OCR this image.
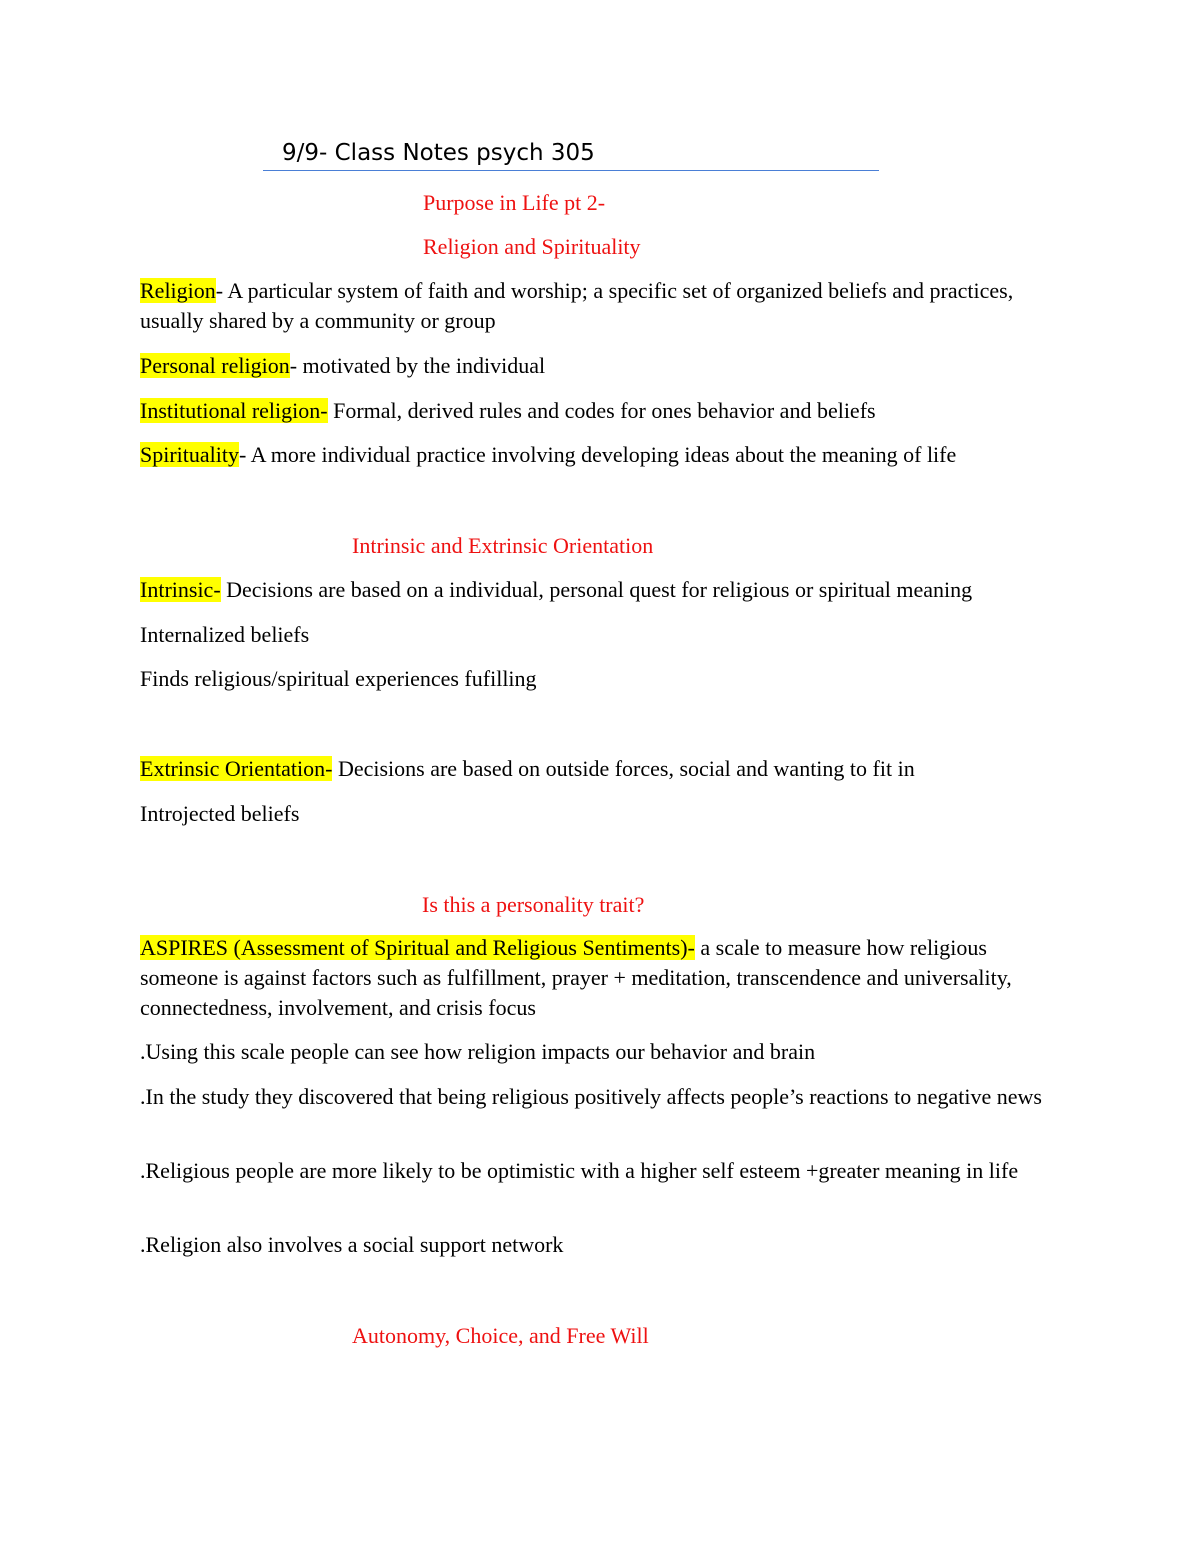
9/9- Class Notes psych 305
Purpose in Life pt 2-
Religion and Spirituality
Religion- A particular system of faith and worship; a specific set of organized beliefs and practices, usually shared by a community or group
Personal religion- motivated by the individual
Institutional religion- Formal, derived rules and codes for ones behavior and beliefs
Spirituality- A more individual practice involving developing ideas about the meaning of life
Intrinsic and Extrinsic Orientation
Intrinsic- Decisions are based on a individual, personal quest for religious or spiritual meaning
Internalized beliefs
Finds religious/spiritual experiences fufilling
Extrinsic Orientation- Decisions are based on outside forces, social and wanting to fit in
Introjected beliefs
Is this a personality trait?
ASPIRES (Assessment of Spiritual and Religious Sentiments)- a scale to measure how religious someone is against factors such as fulfillment, prayer + meditation, transcendence and universality, connectedness, involvement, and crisis focus
.Using this scale people can see how religion impacts our behavior and brain
.In the study they discovered that being religious positively affects people’s reactions to negative news
.Religious people are more likely to be optimistic with a higher self esteem +greater meaning in life
.Religion also involves a social support network
Autonomy, Choice, and Free Will
